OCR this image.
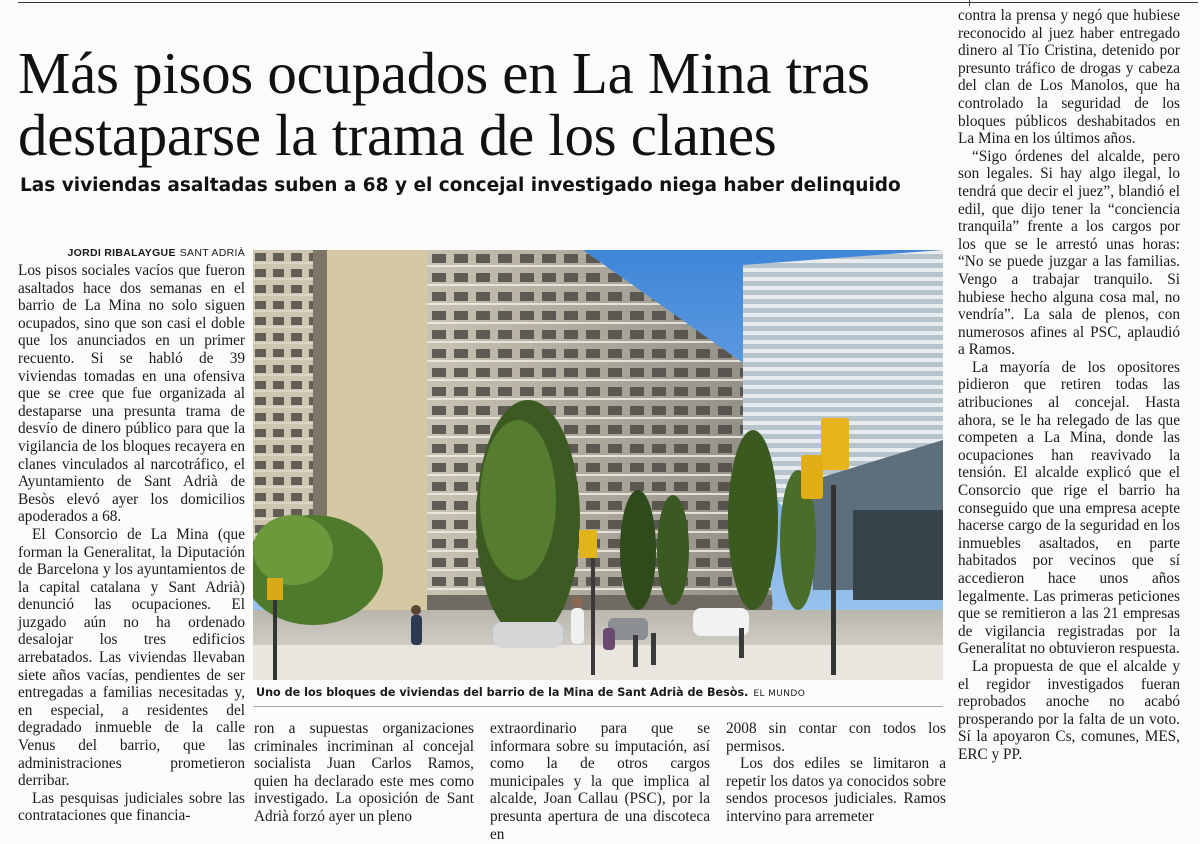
Más pisos ocupados en La Mina tras destaparse la trama de los clanes
Las viviendas asaltadas suben a 68 y el concejal investigado niega haber delinquido
JORDI RIBALAYGUE SANT ADRIÀ

Los pisos sociales vacíos que fueron asaltados hace dos semanas en el barrio de La Mina no solo siguen ocupados, sino que son casi el doble que los anunciados en un primer recuento. Si se habló de 39 viviendas tomadas en una ofensiva que se cree que fue organizada al destaparse una presunta trama de desvío de dinero público para que la vigilancia de los bloques recayera en clanes vinculados al narcotráfico, el Ayuntamiento de Sant Adrià de Besòs elevó ayer los domicilios apoderados a 68.

El Consorcio de La Mina (que forman la Generalitat, la Diputación de Barcelona y los ayuntamientos de la capital catalana y Sant Adrià) denunció las ocupaciones. El juzgado aún no ha ordenado desalojar los tres edificios arrebatados. Las viviendas llevaban siete años vacías, pendientes de ser entregadas a familias necesitadas y, en especial, a residentes del degradado inmueble de la calle Venus del barrio, que las administraciones prometieron derribar.

Las pesquisas judiciales sobre las contrataciones que financia-

Uno de los bloques de viviendas del barrio de la Mina de Sant Adrià de Besòs. EL MUNDO

ron a supuestas organizaciones criminales incriminan al concejal socialista Juan Carlos Ramos, quien ha declarado este mes como investigado. La oposición de Sant Adrià forzó ayer un pleno

extraordinario para que se informara sobre su imputación, así como la de otros cargos municipales y la que implica al alcalde, Joan Callau (PSC), por la presunta apertura de una discoteca en

2008 sin contar con todos los permisos.

Los dos ediles se limitaron a repetir los datos ya conocidos sobre sendos procesos judiciales. Ramos intervino para arremeter

contra la prensa y negó que hubiese reconocido al juez haber entregado dinero al Tío Cristina, detenido por presunto tráfico de drogas y cabeza del clan de Los Manolos, que ha controlado la seguridad de los bloques públicos deshabitados en La Mina en los últimos años.

“Sigo órdenes del alcalde, pero son legales. Si hay algo ilegal, lo tendrá que decir el juez”, blandió el edil, que dijo tener la “conciencia tranquila” frente a los cargos por los que se le arrestó unas horas: “No se puede juzgar a las familias. Vengo a trabajar tranquilo. Si hubiese hecho alguna cosa mal, no vendría”. La sala de plenos, con numerosos afines al PSC, aplaudió a Ramos.

La mayoría de los opositores pidieron que retiren todas las atribuciones al concejal. Hasta ahora, se le ha relegado de las que competen a La Mina, donde las ocupaciones han reavivado la tensión. El alcalde explicó que el Consorcio que rige el barrio ha conseguido que una empresa acepte hacerse cargo de la seguridad en los inmuebles asaltados, en parte habitados por vecinos que sí accedieron hace unos años legalmente. Las primeras peticiones que se remitieron a las 21 empresas de vigilancia registradas por la Generalitat no obtuvieron respuesta.

La propuesta de que el alcalde y el regidor investigados fueran reprobados anoche no acabó prosperando por la falta de un voto. Sí la apoyaron Cs, comunes, MES, ERC y PP.
